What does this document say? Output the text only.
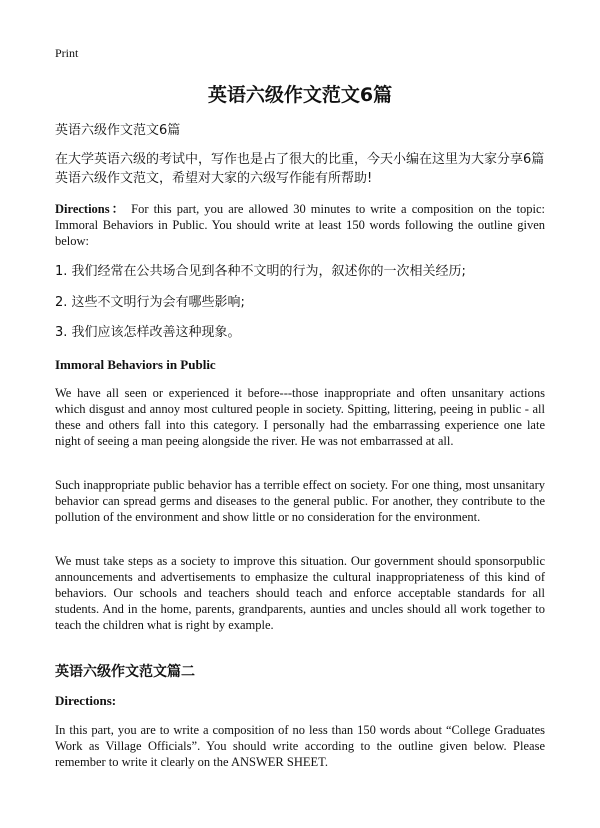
Print
英语六级作文范文6篇
英语六级作文范文6篇
在大学英语六级的考试中，写作也是占了很大的比重，今天小编在这里为大家分享6篇英语六级作文范文，希望对大家的六级写作能有所帮助!
Directions： For this part, you are allowed 30 minutes to write a composition on the topic: Immoral Behaviors in Public. You should write at least 150 words following the outline given below:
1. 我们经常在公共场合见到各种不文明的行为，叙述你的一次相关经历;
2. 这些不文明行为会有哪些影响;
3. 我们应该怎样改善这种现象。
Immoral Behaviors in Public
We have all seen or experienced it before---those inappropriate and often unsanitary actions which disgust and annoy most cultured people in society. Spitting, littering, peeing in public - all these and others fall into this category. I personally had the embarrassing experience one late night of seeing a man peeing alongside the river. He was not embarrassed at all.
Such inappropriate public behavior has a terrible effect on society. For one thing, most unsanitary behavior can spread germs and diseases to the general public. For another, they contribute to the pollution of the environment and show little or no consideration for the environment.
We must take steps as a society to improve this situation. Our government should sponsorpublic announcements and advertisements to emphasize the cultural inappropriateness of this kind of behaviors. Our schools and teachers should teach and enforce acceptable standards for all students. And in the home, parents, grandparents, aunties and uncles should all work together to teach the children what is right by example.
英语六级作文范文篇二
Directions:
In this part, you are to write a composition of no less than 150 words about “College Graduates Work as Village Officials”. You should write according to the outline given below. Please remember to write it clearly on the ANSWER SHEET.
